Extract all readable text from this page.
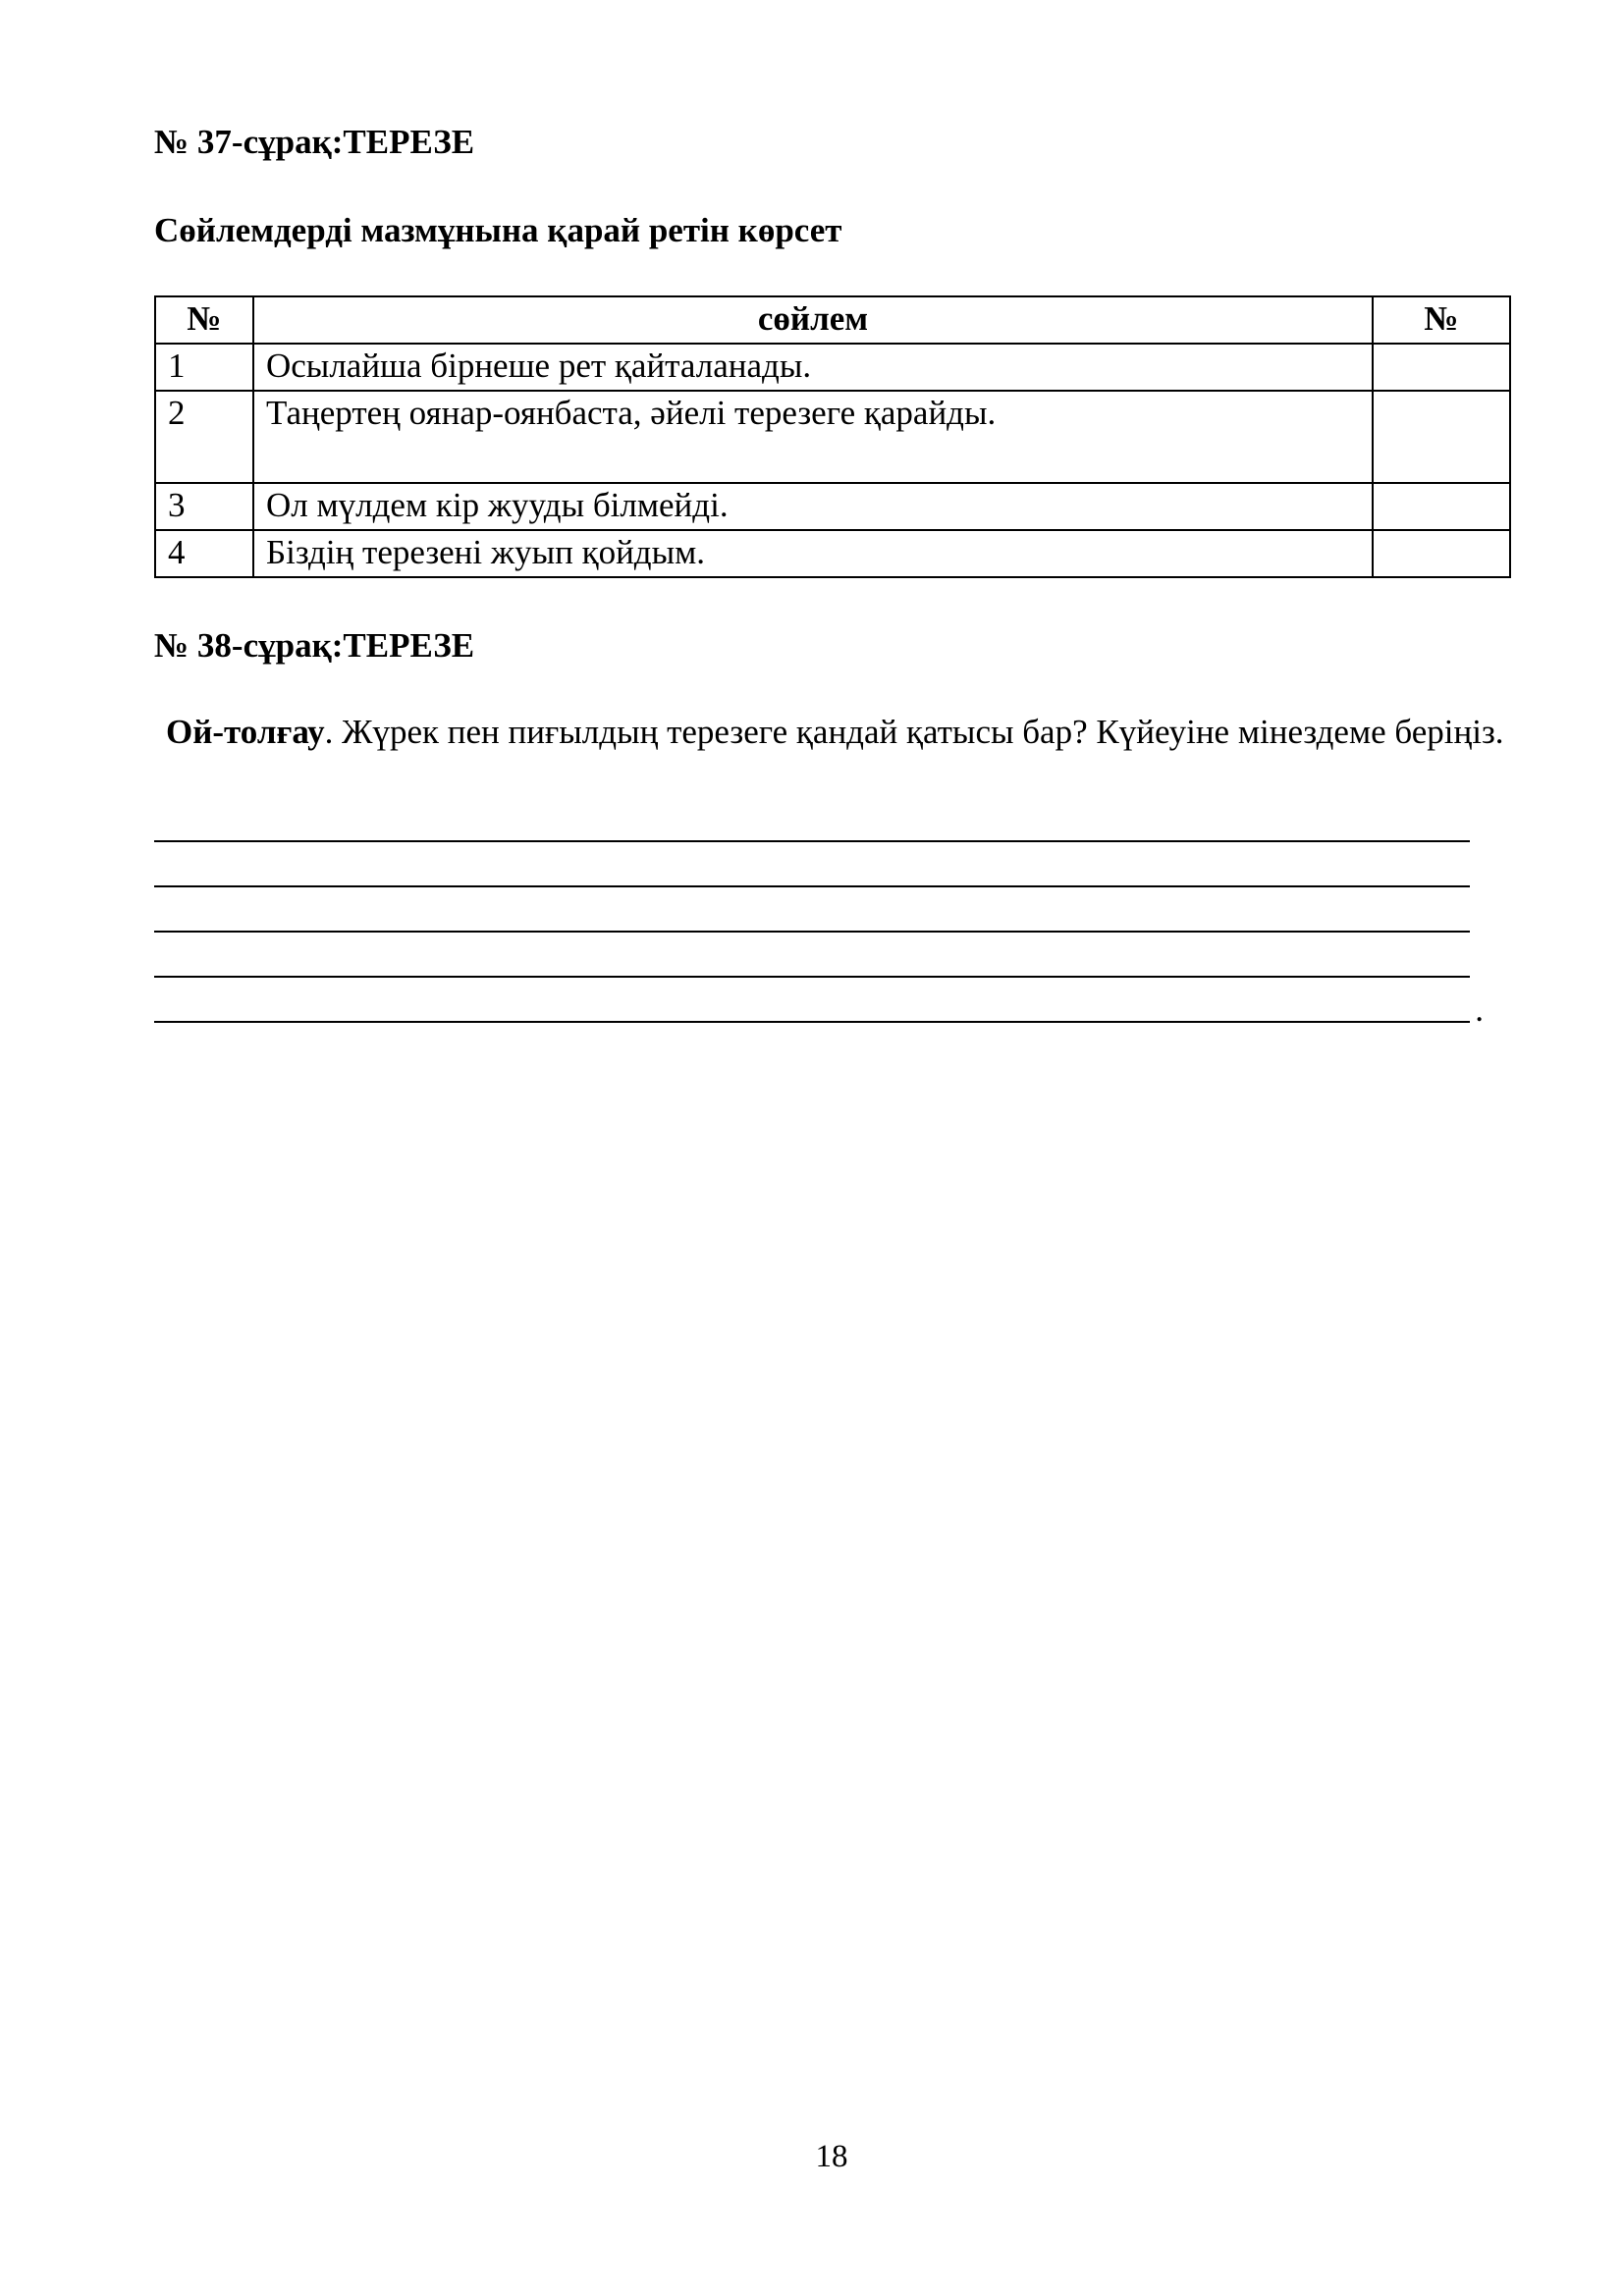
№ 37-сұрақ:ТЕРЕЗЕ
Сөйлемдерді мазмұнына қарай ретін көрсет
№	сөйлем	№
1	Осылайша бірнеше рет қайталанады.	
2	Таңертең оянар-оянбаста, әйелі терезеге қарайды.	
3	Ол мүлдем кір жууды білмейді.	
4	Біздің терезені жуып қойдым.	
№ 38-сұрақ:ТЕРЕЗЕ
Ой-толғау. Жүрек пен пиғылдың терезеге қандай қатысы бар? Күйеуіне мінездеме беріңіз.
.
18
